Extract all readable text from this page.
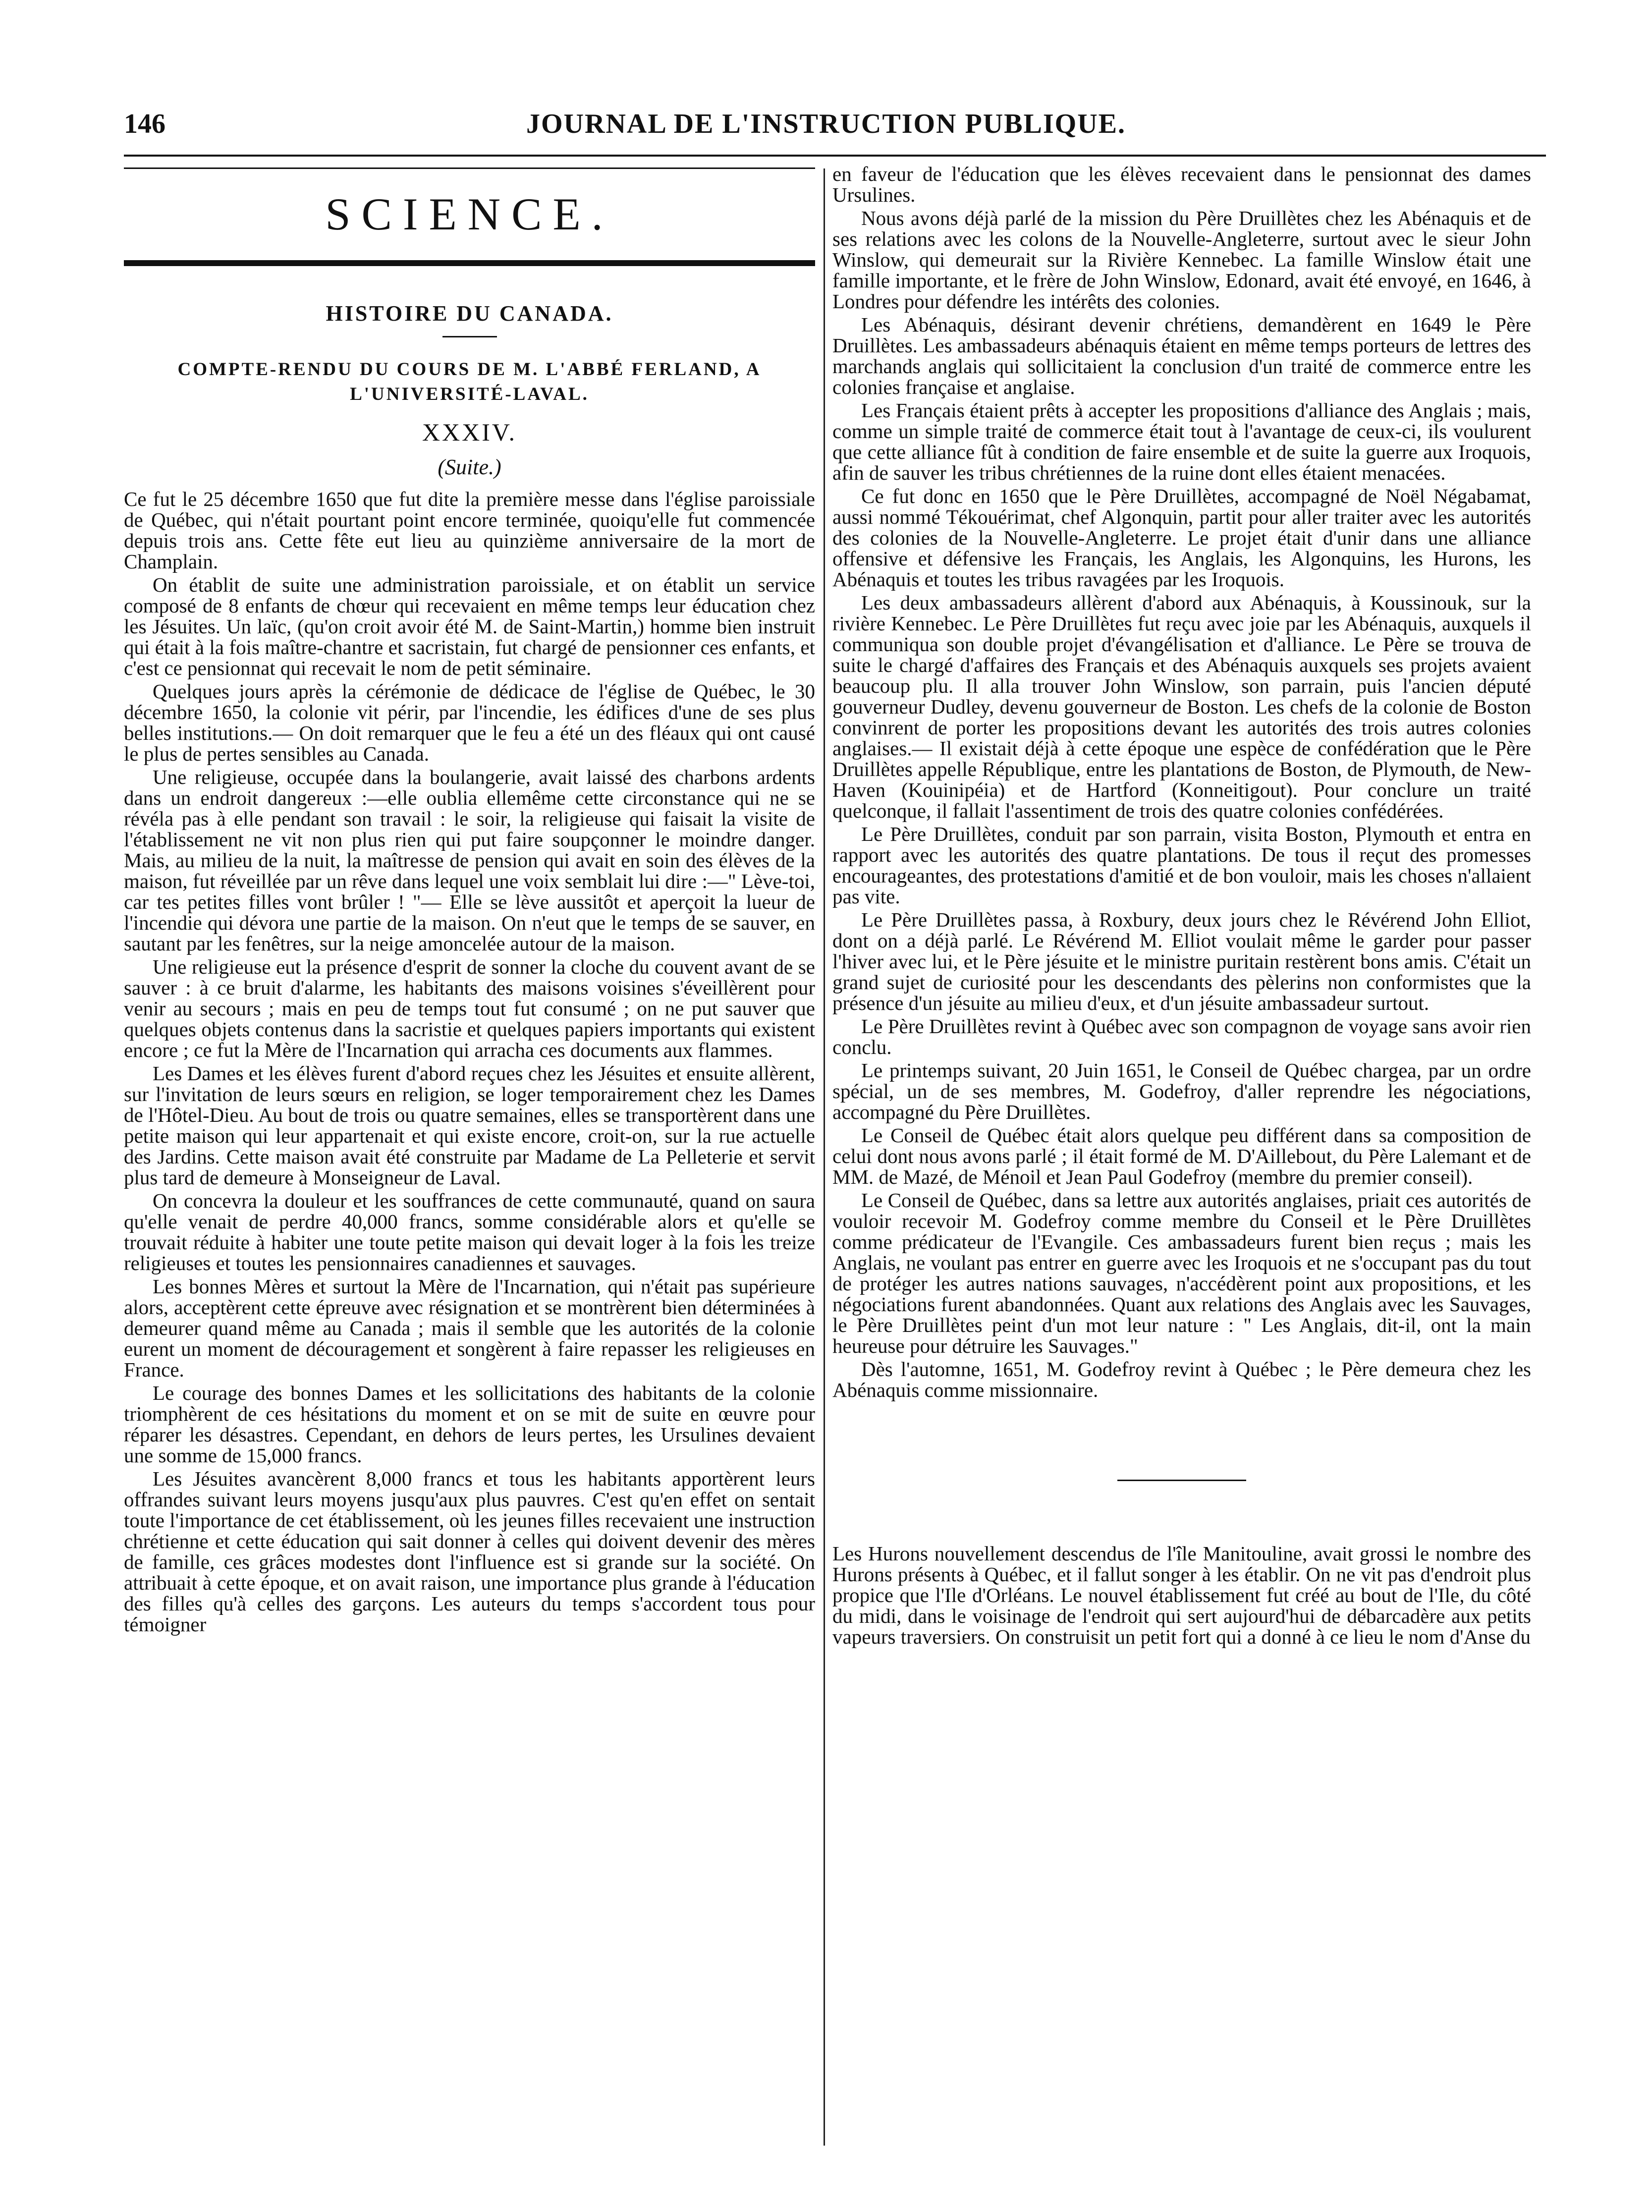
146	JOURNAL DE L'INSTRUCTION PUBLIQUE.
SCIENCE.
HISTOIRE DU CANADA.
COMPTE-RENDU DU COURS DE M. L'ABBÉ FERLAND, A L'UNIVERSITÉ-LAVAL.
XXXIV.
(Suite.)

Ce fut le 25 décembre 1650 que fut dite la première messe dans l'église paroissiale de Québec, qui n'était pourtant point encore terminée, quoiqu'elle fut commencée depuis trois ans. Cette fête eut lieu au quinzième anniversaire de la mort de Champlain.

On établit de suite une administration paroissiale, et on établit un service composé de 8 enfants de chœur qui recevaient en même temps leur éducation chez les Jésuites. Un laïc, (qu'on croit avoir été M. de Saint-Martin,) homme bien instruit qui était à la fois maître-chantre et sacristain, fut chargé de pensionner ces enfants, et c'est ce pensionnat qui recevait le nom de petit séminaire.

Quelques jours après la cérémonie de dédicace de l'église de Québec, le 30 décembre 1650, la colonie vit périr, par l'incendie, les édifices d'une de ses plus belles institutions.— On doit remarquer que le feu a été un des fléaux qui ont causé le plus de pertes sensibles au Canada.

Une religieuse, occupée dans la boulangerie, avait laissé des charbons ardents dans un endroit dangereux :—elle oublia ellemême cette circonstance qui ne se révéla pas à elle pendant son travail : le soir, la religieuse qui faisait la visite de l'établissement ne vit non plus rien qui put faire soupçonner le moindre danger. Mais, au milieu de la nuit, la maîtresse de pension qui avait en soin des élèves de la maison, fut réveillée par un rêve dans lequel une voix semblait lui dire :—" Lève-toi, car tes petites filles vont brûler ! "— Elle se lève aussitôt et aperçoit la lueur de l'incendie qui dévora une partie de la maison. On n'eut que le temps de se sauver, en sautant par les fenêtres, sur la neige amoncelée autour de la maison.

Une religieuse eut la présence d'esprit de sonner la cloche du couvent avant de se sauver : à ce bruit d'alarme, les habitants des maisons voisines s'éveillèrent pour venir au secours ; mais en peu de temps tout fut consumé ; on ne put sauver que quelques objets contenus dans la sacristie et quelques papiers importants qui existent encore ; ce fut la Mère de l'Incarnation qui arracha ces documents aux flammes.

Les Dames et les élèves furent d'abord reçues chez les Jésuites et ensuite allèrent, sur l'invitation de leurs sœurs en religion, se loger temporairement chez les Dames de l'Hôtel-Dieu. Au bout de trois ou quatre semaines, elles se transportèrent dans une petite maison qui leur appartenait et qui existe encore, croit-on, sur la rue actuelle des Jardins. Cette maison avait été construite par Madame de La Pelleterie et servit plus tard de demeure à Monseigneur de Laval.

On concevra la douleur et les souffrances de cette communauté, quand on saura qu'elle venait de perdre 40,000 francs, somme considérable alors et qu'elle se trouvait réduite à habiter une toute petite maison qui devait loger à la fois les treize religieuses et toutes les pensionnaires canadiennes et sauvages.

Les bonnes Mères et surtout la Mère de l'Incarnation, qui n'était pas supérieure alors, acceptèrent cette épreuve avec résignation et se montrèrent bien déterminées à demeurer quand même au Canada ; mais il semble que les autorités de la colonie eurent un moment de découragement et songèrent à faire repasser les religieuses en France.

Le courage des bonnes Dames et les sollicitations des habitants de la colonie triomphèrent de ces hésitations du moment et on se mit de suite en œuvre pour réparer les désastres. Cependant, en dehors de leurs pertes, les Ursulines devaient une somme de 15,000 francs.

Les Jésuites avancèrent 8,000 francs et tous les habitants apportèrent leurs offrandes suivant leurs moyens jusqu'aux plus pauvres. C'est qu'en effet on sentait toute l'importance de cet établissement, où les jeunes filles recevaient une instruction chrétienne et cette éducation qui sait donner à celles qui doivent devenir des mères de famille, ces grâces modestes dont l'influence est si grande sur la société. On attribuait à cette époque, et on avait raison, une importance plus grande à l'éducation des filles qu'à celles des garçons. Les auteurs du temps s'accordent tous pour témoigner

en faveur de l'éducation que les élèves recevaient dans le pensionnat des dames Ursulines.

Nous avons déjà parlé de la mission du Père Druillètes chez les Abénaquis et de ses relations avec les colons de la Nouvelle-Angleterre, surtout avec le sieur John Winslow, qui demeurait sur la Rivière Kennebec. La famille Winslow était une famille importante, et le frère de John Winslow, Edonard, avait été envoyé, en 1646, à Londres pour défendre les intérêts des colonies.

Les Abénaquis, désirant devenir chrétiens, demandèrent en 1649 le Père Druillètes. Les ambassadeurs abénaquis étaient en même temps porteurs de lettres des marchands anglais qui sollicitaient la conclusion d'un traité de commerce entre les colonies française et anglaise.

Les Français étaient prêts à accepter les propositions d'alliance des Anglais ; mais, comme un simple traité de commerce était tout à l'avantage de ceux-ci, ils voulurent que cette alliance fût à condition de faire ensemble et de suite la guerre aux Iroquois, afin de sauver les tribus chrétiennes de la ruine dont elles étaient menacées.

Ce fut donc en 1650 que le Père Druillètes, accompagné de Noël Négabamat, aussi nommé Tékouérimat, chef Algonquin, partit pour aller traiter avec les autorités des colonies de la Nouvelle-Angleterre. Le projet était d'unir dans une alliance offensive et défensive les Français, les Anglais, les Algonquins, les Hurons, les Abénaquis et toutes les tribus ravagées par les Iroquois.

Les deux ambassadeurs allèrent d'abord aux Abénaquis, à Koussinouk, sur la rivière Kennebec. Le Père Druillètes fut reçu avec joie par les Abénaquis, auxquels il communiqua son double projet d'évangélisation et d'alliance. Le Père se trouva de suite le chargé d'affaires des Français et des Abénaquis auxquels ses projets avaient beaucoup plu. Il alla trouver John Winslow, son parrain, puis l'ancien député gouverneur Dudley, devenu gouverneur de Boston. Les chefs de la colonie de Boston convinrent de porter les propositions devant les autorités des trois autres colonies anglaises.— Il existait déjà à cette époque une espèce de confédération que le Père Druillètes appelle République, entre les plantations de Boston, de Plymouth, de New-Haven (Kouinipéia) et de Hartford (Konneitigout). Pour conclure un traité quelconque, il fallait l'assentiment de trois des quatre colonies confédérées.

Le Père Druillètes, conduit par son parrain, visita Boston, Plymouth et entra en rapport avec les autorités des quatre plantations. De tous il reçut des promesses encourageantes, des protestations d'amitié et de bon vouloir, mais les choses n'allaient pas vite.

Le Père Druillètes passa, à Roxbury, deux jours chez le Révérend John Elliot, dont on a déjà parlé. Le Révérend M. Elliot voulait même le garder pour passer l'hiver avec lui, et le Père jésuite et le ministre puritain restèrent bons amis. C'était un grand sujet de curiosité pour les descendants des pèlerins non conformistes que la présence d'un jésuite au milieu d'eux, et d'un jésuite ambassadeur surtout.

Le Père Druillètes revint à Québec avec son compagnon de voyage sans avoir rien conclu.

Le printemps suivant, 20 Juin 1651, le Conseil de Québec chargea, par un ordre spécial, un de ses membres, M. Godefroy, d'aller reprendre les négociations, accompagné du Père Druillètes.

Le Conseil de Québec était alors quelque peu différent dans sa composition de celui dont nous avons parlé ; il était formé de M. D'Aillebout, du Père Lalemant et de MM. de Mazé, de Ménoil et Jean Paul Godefroy (membre du premier conseil).

Le Conseil de Québec, dans sa lettre aux autorités anglaises, priait ces autorités de vouloir recevoir M. Godefroy comme membre du Conseil et le Père Druillètes comme prédicateur de l'Evangile. Ces ambassadeurs furent bien reçus ; mais les Anglais, ne voulant pas entrer en guerre avec les Iroquois et ne s'occupant pas du tout de protéger les autres nations sauvages, n'accédèrent point aux propositions, et les négociations furent abandonnées. Quant aux relations des Anglais avec les Sauvages, le Père Druillètes peint d'un mot leur nature : " Les Anglais, dit-il, ont la main heureuse pour détruire les Sauvages."

Dès l'automne, 1651, M. Godefroy revint à Québec ; le Père demeura chez les Abénaquis comme missionnaire.

Les Hurons nouvellement descendus de l'île Manitouline, avait grossi le nombre des Hurons présents à Québec, et il fallut songer à les établir. On ne vit pas d'endroit plus propice que l'Ile d'Orléans. Le nouvel établissement fut créé au bout de l'Ile, du côté du midi, dans le voisinage de l'endroit qui sert aujourd'hui de débarcadère aux petits vapeurs traversiers. On construisit un petit fort qui a donné à ce lieu le nom d'Anse du
